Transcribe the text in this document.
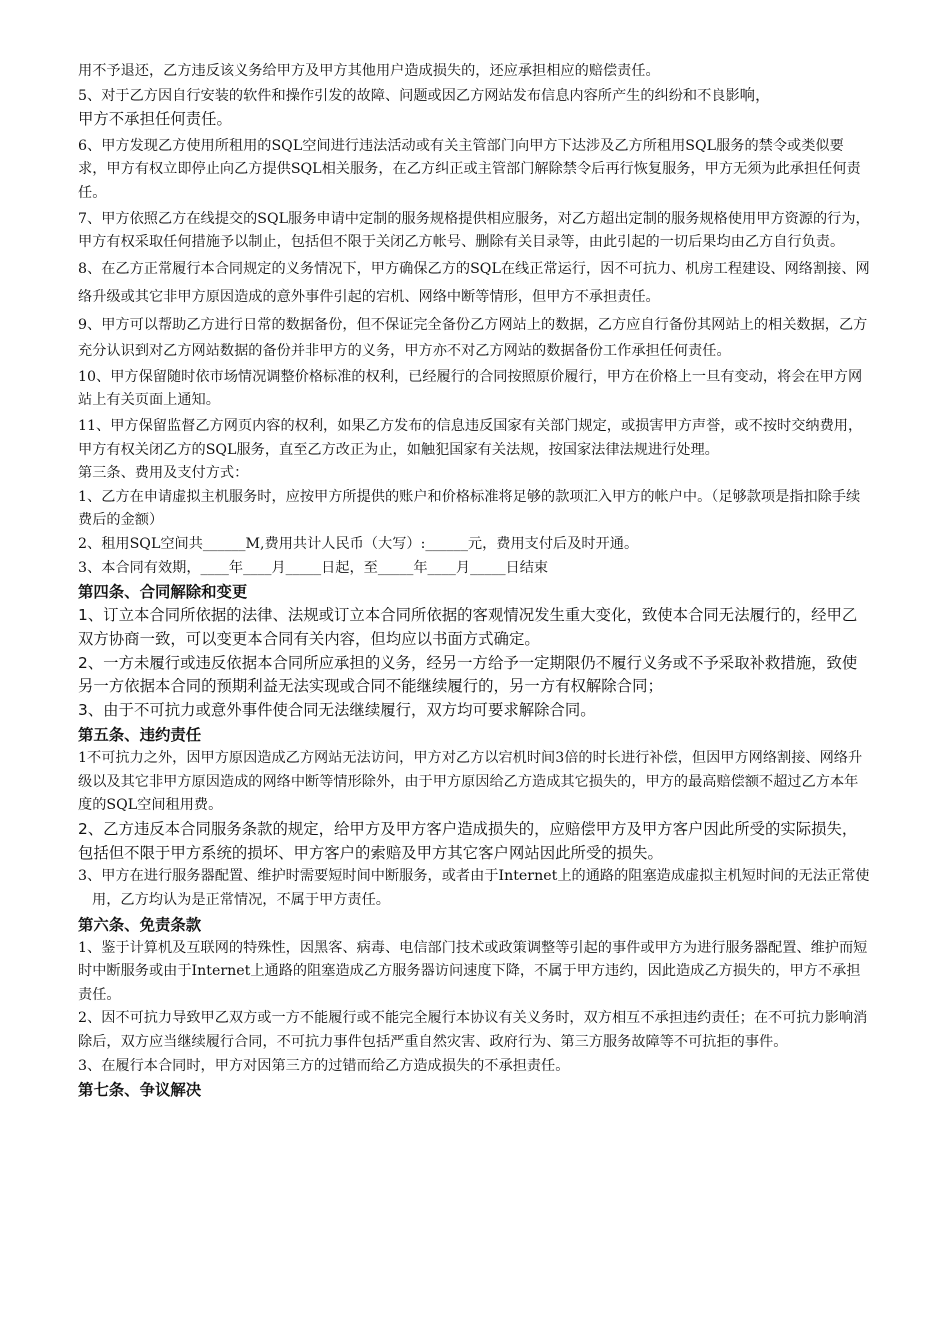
用不予退还，乙方违反该义务给甲方及甲方其他用户造成损失的，还应承担相应的赔偿责任。

5、对于乙方因自行安装的软件和操作引发的故障、问题或因乙方网站发布信息内容所产生的纠纷和不良影响，
甲方不承担任何责任。

6、甲方发现乙方使用所租用的SQL空间进行违法活动或有关主管部门向甲方下达涉及乙方所租用SQL服务的禁令或类似要求，甲方有权立即停止向乙方提供SQL相关服务，在乙方纠正或主管部门解除禁令后再行恢复服务，甲方无须为此承担任何责任。

7、甲方依照乙方在线提交的SQL服务申请中定制的服务规格提供相应服务，对乙方超出定制的服务规格使用甲方资源的行为，甲方有权采取任何措施予以制止，包括但不限于关闭乙方帐号、删除有关目录等，由此引起的一切后果均由乙方自行负责。

8、在乙方正常履行本合同规定的义务情况下，甲方确保乙方的SQL在线正常运行，因不可抗力、机房工程建设、网络割接、网络升级或其它非甲方原因造成的意外事件引起的宕机、网络中断等情形，但甲方不承担责任。

9、甲方可以帮助乙方进行日常的数据备份，但不保证完全备份乙方网站上的数据，乙方应自行备份其网站上的相关数据，乙方充分认识到对乙方网站数据的备份并非甲方的义务，甲方亦不对乙方网站的数据备份工作承担任何责任。

10、甲方保留随时依市场情况调整价格标准的权利，已经履行的合同按照原价履行，甲方在价格上一旦有变动，将会在甲方网站上有关页面上通知。

11、甲方保留监督乙方网页内容的权利，如果乙方发布的信息违反国家有关部门规定，或损害甲方声誉，或不按时交纳费用，甲方有权关闭乙方的SQL服务，直至乙方改正为止，如触犯国家有关法规，按国家法律法规进行处理。

第三条、费用及支付方式：

1、乙方在申请虚拟主机服务时，应按甲方所提供的账户和价格标准将足够的款项汇入甲方的帐户中。（足够款项是指扣除手续费后的金额）

2、租用SQL空间共______M,费用共计人民币（大写）:______元，费用支付后及时开通。

3、本合同有效期，____年____月_____日起，至_____年____月_____日结束

第四条、合同解除和变更

1、订立本合同所依据的法律、法规或订立本合同所依据的客观情况发生重大变化，致使本合同无法履行的，经甲乙双方协商一致，可以变更本合同有关内容，但均应以书面方式确定。

2、一方未履行或违反依据本合同所应承担的义务，经另一方给予一定期限仍不履行义务或不予采取补救措施，致使另一方依据本合同的预期利益无法实现或合同不能继续履行的，另一方有权解除合同；

3、由于不可抗力或意外事件使合同无法继续履行，双方均可要求解除合同。

第五条、违约责任

1不可抗力之外，因甲方原因造成乙方网站无法访问，甲方对乙方以宕机时间3倍的时长进行补偿，但因甲方网络割接、网络升级以及其它非甲方原因造成的网络中断等情形除外，由于甲方原因给乙方造成其它损失的，甲方的最高赔偿额不超过乙方本年度的SQL空间租用费。

2、乙方违反本合同服务条款的规定，给甲方及甲方客户造成损失的，应赔偿甲方及甲方客户因此所受的实际损失，包括但不限于甲方系统的损坏、甲方客户的索赔及甲方其它客户网站因此所受的损失。

3、甲方在进行服务器配置、维护时需要短时间中断服务，或者由于Internet上的通路的阻塞造成虚拟主机短时间的无法正常使用，乙方均认为是正常情况，不属于甲方责任。

第六条、免责条款

1、鉴于计算机及互联网的特殊性，因黑客、病毒、电信部门技术或政策调整等引起的事件或甲方为进行服务器配置、维护而短时中断服务或由于Internet上通路的阻塞造成乙方服务器访问速度下降，不属于甲方违约，因此造成乙方损失的，甲方不承担责任。

2、因不可抗力导致甲乙双方或一方不能履行或不能完全履行本协议有关义务时，双方相互不承担违约责任；在不可抗力影响消除后，双方应当继续履行合同，不可抗力事件包括严重自然灾害、政府行为、第三方服务故障等不可抗拒的事件。

3、在履行本合同时，甲方对因第三方的过错而给乙方造成损失的不承担责任。

第七条、争议解决
